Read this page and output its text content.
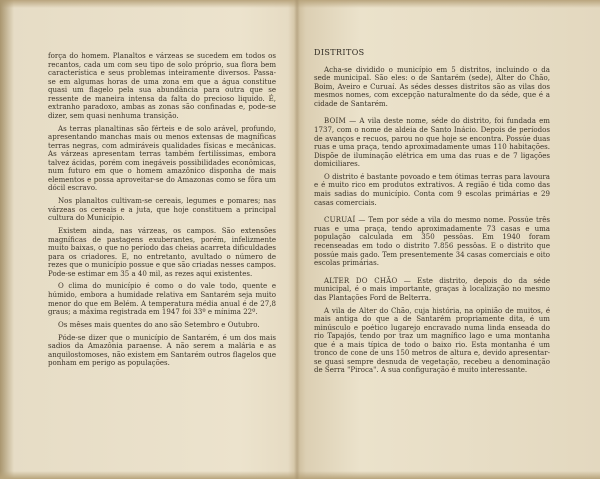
força do homem. Planaltos e várzeas se sucedem em todos os recantos, cada um com seu tipo de solo próprio, sua flora bem característica e seus problemas inteiramente diversos. Passa-se em algumas horas de uma zona em que a água constitue quasi um flagelo pela sua abundância para outra que se ressente de maneira intensa da falta do precioso liquido. É, extranho paradoxo, ambas as zonas são confinadas e, pode-se dizer, sem quasi nenhuma transição.

As terras planaltinas são férteis e de solo arável, profundo, apresentando manchas mais ou menos extensas de magníficas terras negras, com admiráveis qualidades físicas e mecânicas. As várzeas apresentam terras também fertilíssimas, embora talvez ácidas, porém com inegáveis possibilidades econômicas, num futuro em que o homem amazônico disponha de mais elementos e possa aproveitar-se do Amazonas como se fôra um dócil escravo.

Nos planaltos cultivam-se cereais, legumes e pomares; nas várzeas os cereais e a juta, que hoje constituem a principal cultura do Município.

Existem ainda, nas várzeas, os campos. São extensões magníficas de pastagens exuberantes, porém, infelizmente muito baixas, o que no período das cheias acarreta dificuldades para os criadores. E, no entretanto, avultado o número de rezes que o município possue e que são criadas nesses campos. Pode-se estimar em 35 a 40 mil, as rezes aqui existentes.

O clima do município é como o do vale todo, quente e húmido, embora a humidade relativa em Santarém seja muito menor do que em Belém. A temperatura média anual é de 27,8 graus; a máxima registrada em 1947 foi 33º e mínima 22º.

Os mêses mais quentes do ano são Setembro e Outubro.

Póde-se dizer que o município de Santarém, é um dos mais sadios da Amazônia paraense. A não serem a malária e as anquilostomoses, não existem em Santarém outros flagelos que ponham em perigo as populações.

DISTRITOS

Acha-se dividido o município em 5 distritos, incluindo o da sede municipal. São eles: o de Santarém (sede), Alter do Chão, Boim, Aveiro e Curuaí. As sédes desses distritos são as vilas dos mesmos nomes, com excepção naturalmente do da séde, que é a cidade de Santarém.

BOIM — A vila deste nome, séde do distrito, foi fundada em 1737, com o nome de aldeia de Santo Inácio. Depois de períodos de avanços e recuos, parou no que hoje se encontra. Possúe duas ruas e uma praça, tendo aproximadamente umas 110 habitações. Dispõe de iluminação elétrica em uma das ruas e de 7 ligações domiciliares.

O distrito é bastante povoado e tem ótimas terras para lavoura e é muito rico em produtos extrativos. A região é tida como das mais sadias do município. Conta com 9 escolas primárias e 29 casas comerciais.

CURUAÍ — Tem por séde a vila do mesmo nome. Possúe três ruas e uma praça, tendo aproximadamente 73 casas e uma população calculada em 350 pessôas. Em 1940 foram recenseadas em todo o distrito 7.856 pessôas. E o distrito que possúe mais gado. Tem presentemente 34 casas comerciais e oito escolas primárias.

ALTER DO CHÃO — Este distrito, depois do da séde municipal, é o mais importante, graças à localização no mesmo das Plantações Ford de Belterra.

A vila de Alter do Chão, cuja história, na opinião de muitos, é mais antiga do que a de Santarém propriamente dita, é um minúsculo e poético lugarejo encravado numa linda enseada do rio Tapajós, tendo por traz um magnífico lago e uma montanha que é a mais típica de todo o baixo rio. Esta montanha é um tronco de cone de uns 150 metros de altura e, devido apresentar-se quasi sempre desnuda de vegetação, recebeu a denominação de Serra "Piroca". A sua configuração é muito interessante.
